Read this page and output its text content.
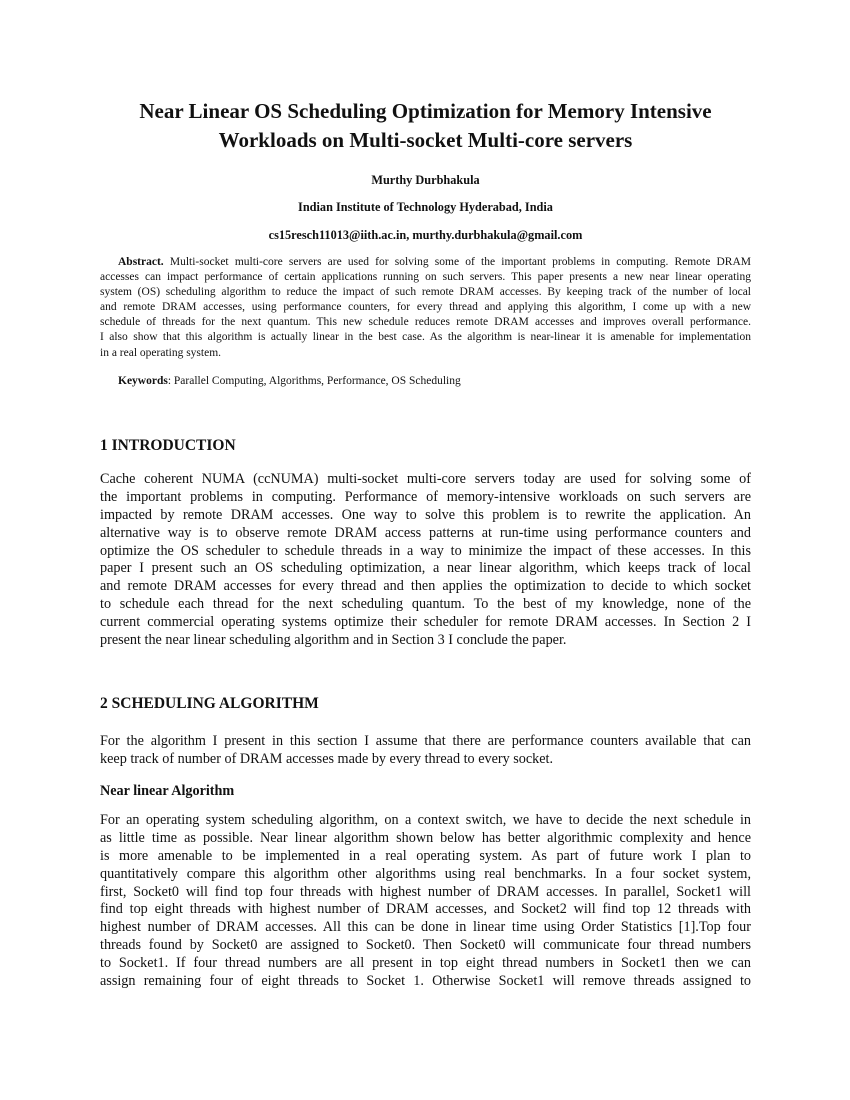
Near Linear OS Scheduling Optimization for Memory Intensive
Workloads on Multi-socket Multi-core servers
Murthy Durbhakula
Indian Institute of Technology Hyderabad, India
cs15resch11013@iith.ac.in, murthy.durbhakula@gmail.com
Abstract. Multi-socket multi-core servers are used for solving some of the important problems in computing. Remote DRAM
accesses can impact performance of certain applications running on such servers. This paper presents a new near linear operating
system (OS) scheduling algorithm to reduce the impact of such remote DRAM accesses. By keeping track of the number of local
and remote DRAM accesses, using performance counters, for every thread and applying this algorithm, I come up with a new
schedule of threads for the next quantum. This new schedule reduces remote DRAM accesses and improves overall performance.
I also show that this algorithm is actually linear in the best case. As the algorithm is near-linear it is amenable for implementation
in a real operating system.
Keywords: Parallel Computing, Algorithms, Performance, OS Scheduling
1 INTRODUCTION
Cache coherent NUMA (ccNUMA) multi-socket multi-core servers today are used for solving some of
the important problems in computing. Performance of memory-intensive workloads on such servers are
impacted by remote DRAM accesses. One way to solve this problem is to rewrite the application. An
alternative way is to observe remote DRAM access patterns at run-time using performance counters and
optimize the OS scheduler to schedule threads in a way to minimize the impact of these accesses. In this
paper I present such an OS scheduling optimization, a near linear algorithm, which keeps track of local
and remote DRAM accesses for every thread and then applies the optimization to decide to which socket
to schedule each thread for the next scheduling quantum. To the best of my knowledge, none of the
current commercial operating systems optimize their scheduler for remote DRAM accesses. In Section 2 I
present the near linear scheduling algorithm and in Section 3 I conclude the paper.
2 SCHEDULING ALGORITHM
For the algorithm I present in this section I assume that there are performance counters available that can
keep track of number of DRAM accesses made by every thread to every socket.
Near linear Algorithm
For an operating system scheduling algorithm, on a context switch, we have to decide the next schedule in
as little time as possible. Near linear algorithm shown below has better algorithmic complexity and hence
is more amenable to be implemented in a real operating system. As part of future work I plan to
quantitatively compare this algorithm other algorithms using real benchmarks. In a four socket system,
first, Socket0 will find top four threads with highest number of DRAM accesses. In parallel, Socket1 will
find top eight threads with highest number of DRAM accesses, and Socket2 will find top 12 threads with
highest number of DRAM accesses. All this can be done in linear time using Order Statistics [1].Top four
threads found by Socket0 are assigned to Socket0. Then Socket0 will communicate four thread numbers
to Socket1. If four thread numbers are all present in top eight thread numbers in Socket1 then we can
assign remaining four of eight threads to Socket 1. Otherwise Socket1 will remove threads assigned to
